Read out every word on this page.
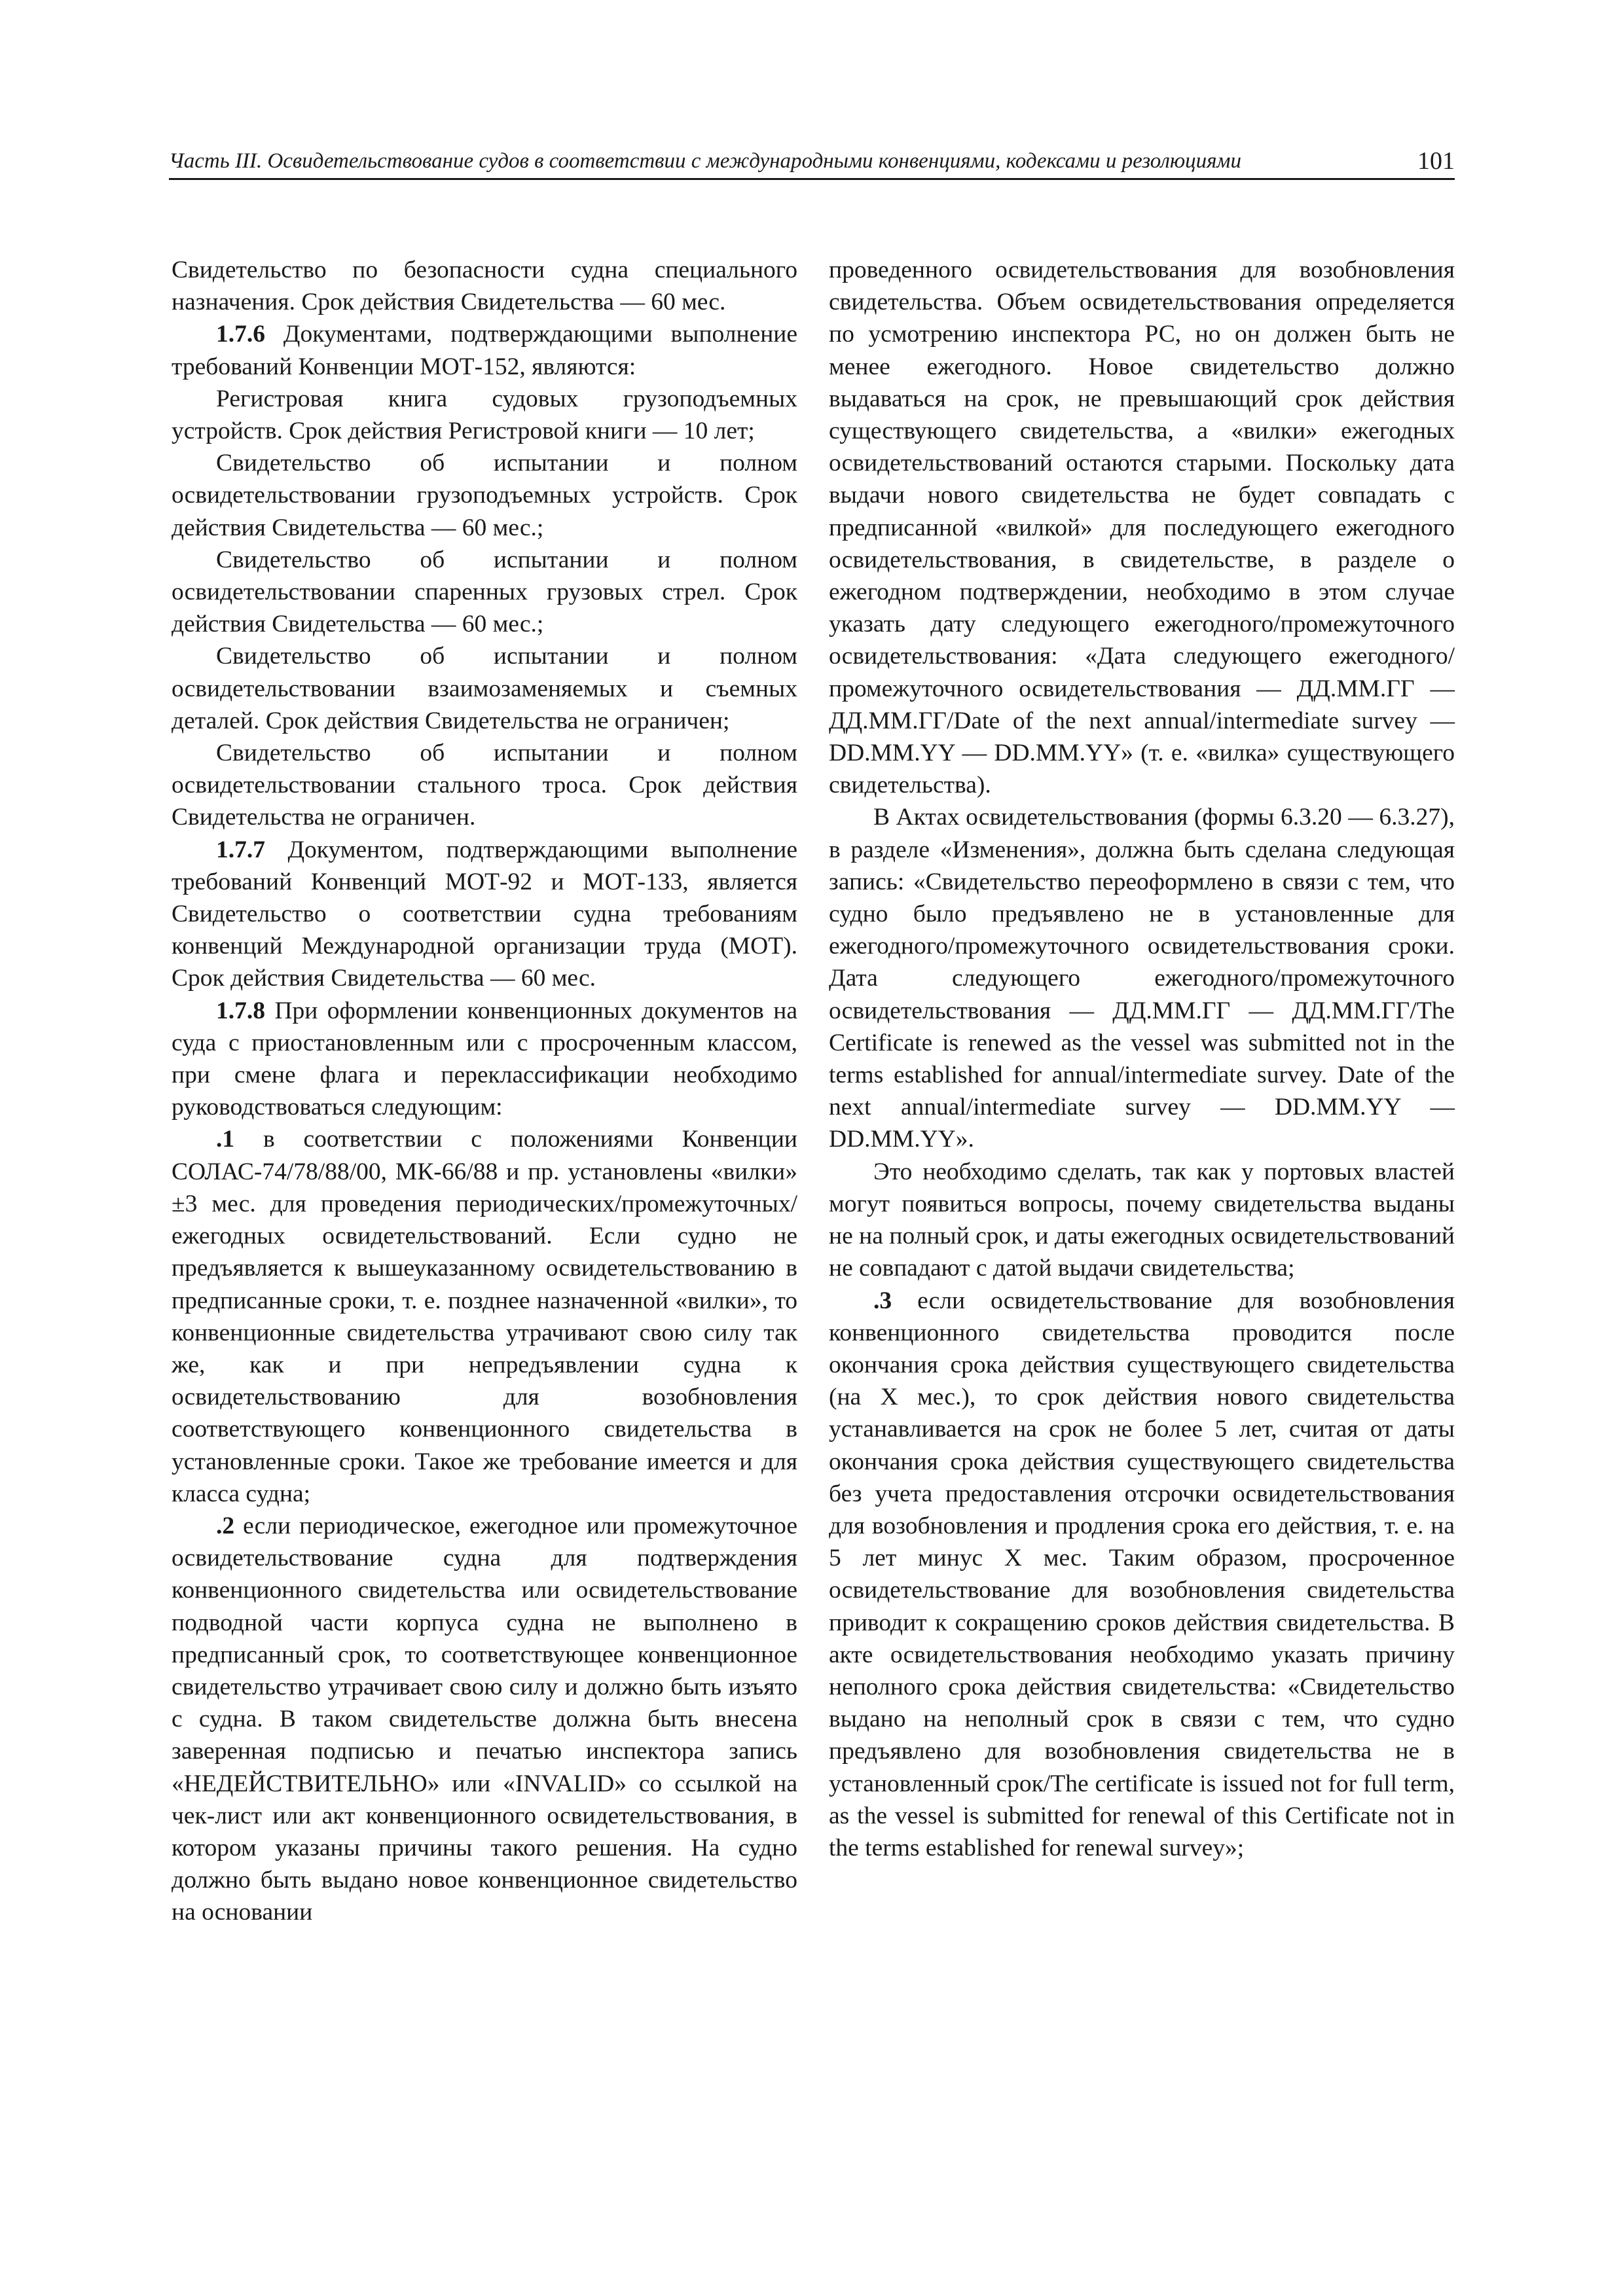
Часть III. Освидетельствование судов в соответствии с международными конвенциями, кодексами и резолюциями	101

Свидетельство по безопасности судна специального назначения. Срок действия Свидетельства — 60 мес.

1.7.6 Документами, подтверждающими выполнение требований Конвенции МОТ-152, являются:

Регистровая книга судовых грузоподъемных устройств. Срок действия Регистровой книги — 10 лет;

Свидетельство об испытании и полном освидетельствовании грузоподъемных устройств. Срок действия Свидетельства — 60 мес.;

Свидетельство об испытании и полном освидетельствовании спаренных грузовых стрел. Срок действия Свидетельства — 60 мес.;

Свидетельство об испытании и полном освидетельствовании взаимозаменяемых и съемных деталей. Срок действия Свидетельства не ограничен;

Свидетельство об испытании и полном освидетельствовании стального троса. Срок действия Свидетельства не ограничен.

1.7.7 Документом, подтверждающими выполнение требований Конвенций МОТ-92 и МОТ-133, является Свидетельство о соответствии судна требованиям конвенций Международной организации труда (МОТ). Срок действия Свидетельства — 60 мес.

1.7.8 При оформлении конвенционных документов на суда с приостановленным или с просроченным классом, при смене флага и переклассификации необходимо руководствоваться следующим:

.1 в соответствии с положениями Конвенции СОЛАС-74/78/88/00, МК-66/88 и пр. установлены «вилки» ±3 мес. для проведения периодических/промежуточных/ежегодных освидетельствований. Если судно не предъявляется к вышеуказанному освидетельствованию в предписанные сроки, т. е. позднее назначенной «вилки», то конвенционные свидетельства утрачивают свою силу так же, как и при непредъявлении судна к освидетельствованию для возобновления соответствующего конвенционного свидетельства в установленные сроки. Такое же требование имеется и для класса судна;

.2 если периодическое, ежегодное или промежуточное освидетельствование судна для подтверждения конвенционного свидетельства или освидетельствование подводной части корпуса судна не выполнено в предписанный срок, то соответствующее конвенционное свидетельство утрачивает свою силу и должно быть изъято с судна. В таком свидетельстве должна быть внесена заверенная подписью и печатью инспектора запись «НЕДЕЙСТВИТЕЛЬНО» или «INVALID» со ссылкой на чек-лист или акт конвенционного освидетельствования, в котором указаны причины такого решения. На судно должно быть выдано новое конвенционное свидетельство на основании

проведенного освидетельствования для возобновления свидетельства. Объем освидетельствования определяется по усмотрению инспектора РС, но он должен быть не менее ежегодного. Новое свидетельство должно выдаваться на срок, не превышающий срок действия существующего свидетельства, а «вилки» ежегодных освидетельствований остаются старыми. Поскольку дата выдачи нового свидетельства не будет совпадать с предписанной «вилкой» для последующего ежегодного освидетельствования, в свидетельстве, в разделе о ежегодном подтверждении, необходимо в этом случае указать дату следующего ежегодного/промежуточного освидетельствования: «Дата следующего ежегодного/промежуточного освидетельствования — ДД.ММ.ГГ — ДД.ММ.ГГ/Date of the next annual/intermediate survey — DD.MM.YY — DD.MM.YY» (т. е. «вилка» существующего свидетельства).

В Актах освидетельствования (формы 6.3.20 — 6.3.27), в разделе «Изменения», должна быть сделана следующая запись: «Свидетельство переоформлено в связи с тем, что судно было предъявлено не в установленные для ежегодного/промежуточного освидетельствования сроки. Дата следующего ежегодного/промежуточного освидетельствования — ДД.ММ.ГГ — ДД.ММ.ГГ/The Certificate is renewed as the vessel was submitted not in the terms established for annual/intermediate survey. Date of the next annual/intermediate survey — DD.MM.YY — DD.MM.YY».

Это необходимо сделать, так как у портовых властей могут появиться вопросы, почему свидетельства выданы не на полный срок, и даты ежегодных освидетельствований не совпадают с датой выдачи свидетельства;

.3 если освидетельствование для возобновления конвенционного свидетельства проводится после окончания срока действия существующего свидетельства (на X мес.), то срок действия нового свидетельства устанавливается на срок не более 5 лет, считая от даты окончания срока действия существующего свидетельства без учета предоставления отсрочки освидетельствования для возобновления и продления срока его действия, т. е. на 5 лет минус X мес. Таким образом, просроченное освидетельствование для возобновления свидетельства приводит к сокращению сроков действия свидетельства. В акте освидетельствования необходимо указать причину неполного срока действия свидетельства: «Свидетельство выдано на неполный срок в связи с тем, что судно предъявлено для возобновления свидетельства не в установленный срок/The certificate is issued not for full term, as the vessel is submitted for renewal of this Certificate not in the terms established for renewal survey»;
